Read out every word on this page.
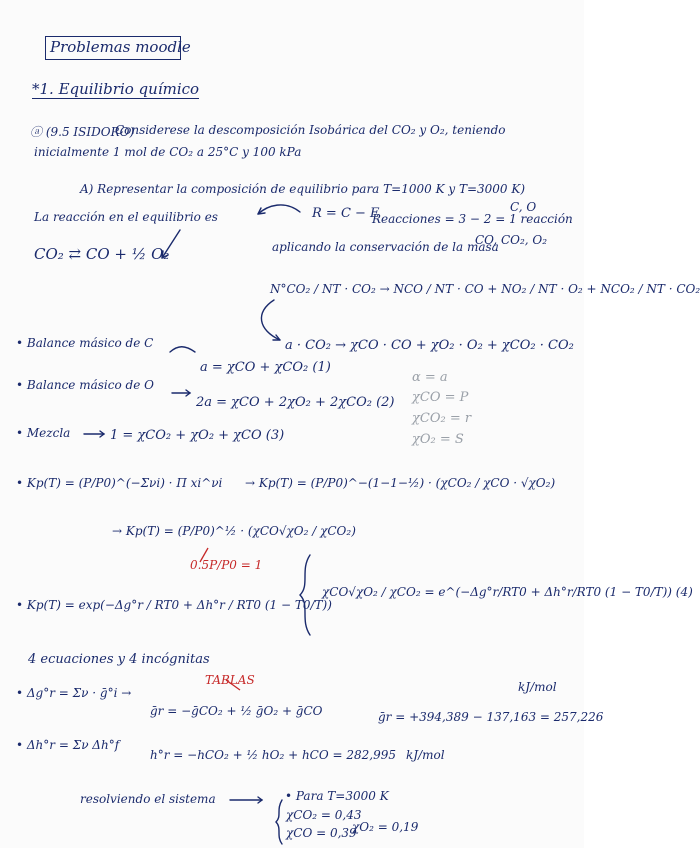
Problemas moodle
*1. Equilibrio químico
ⓐ (9.5 ISIDORO)
Considerese la descomposición Isobárica del CO₂ y O₂, teniendo
inicialmente 1 mol de CO₂ a 25°C y 100 kPa
A) Representar la composición de equilibrio para T=1000 K y T=3000 K)
La reacción en el equilibrio es
CO₂ ⇄ CO + ½ O₂
R = C − E
Reacciones = 3 − 2 = 1 reacción
C, O
CO, CO₂, O₂
aplicando la conservación de la masa
N°CO₂ / NT · CO₂ → NCO / NT · CO + NO₂ / NT · O₂ + NCO₂ / NT · CO₂
a · CO₂ → χCO · CO + χO₂ · O₂ + χCO₂ · CO₂
• Balance másico de C
a = χCO + χCO₂ (1)
• Balance másico de O
2a = χCO + 2χO₂ + 2χCO₂ (2)
• Mezcla	1 = χCO₂ + χO₂ + χCO (3)
α = a
χCO = P
χCO₂ = r
χO₂ = S
• Kp(T) = (P/P0)^(−Σνi) · Π xi^νi → Kp(T) = (P/P0)^−(1−1−½) · (χCO₂ / χCO · √χO₂)
→ Kp(T) = (P/P0)^½ · (χCO√χO₂ / χCO₂)
0.5P/P0 = 1
• Kp(T) = exp(−Δg°r / RT0 + Δh°r / RT0 (1 − T0/T))
χCO√χO₂ / χCO₂ = e^(−Δg°r/RT0 + Δh°r/RT0 (1 − T0/T)) (4)
4 ecuaciones y 4 incógnitas
TABLAS	kJ/mol
• Δg°r = Σν · ḡ°i →
ḡr = −ḡCO₂ + ½ ḡO₂ + ḡCO	ḡr = +394,389 − 137,163 = 257,226
• Δh°r = Σν Δh°f
h°r = −hCO₂ + ½ hO₂ + hCO = 282,995 kJ/mol
resolviendo el sistema	• Para T=3000 K
χCO₂ = 0,43
χCO = 0,39
χO₂ = 0,19
